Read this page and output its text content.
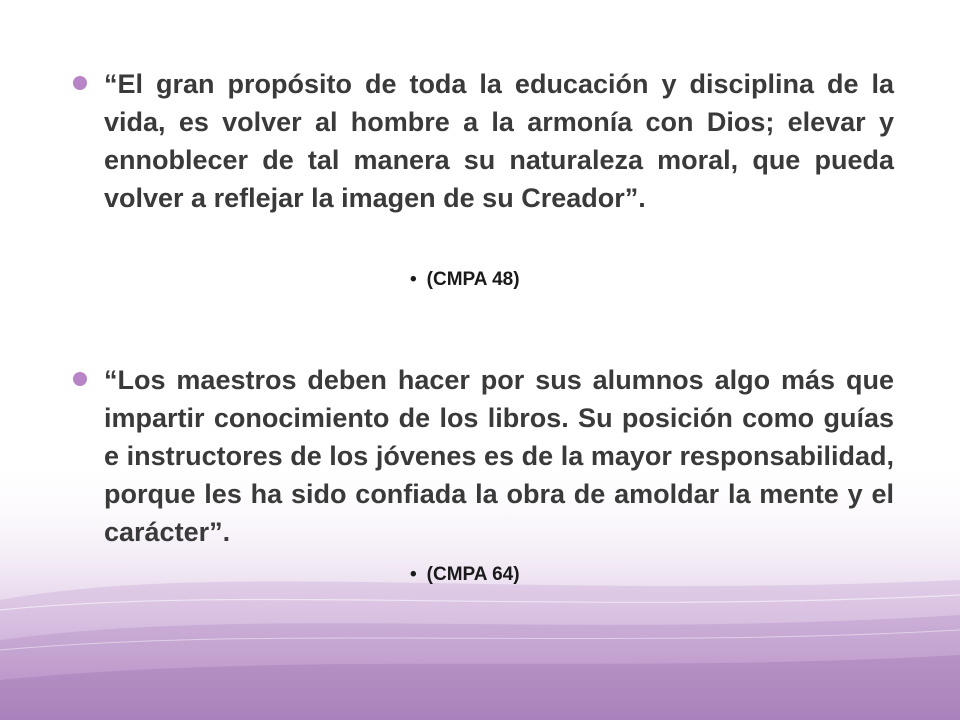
“El gran propósito de toda la educación y disciplina de la vida, es volver al hombre a la armonía con Dios; elevar y ennoblecer de tal manera su naturaleza moral, que pueda volver a reflejar la imagen de su Creador”.

• (CMPA 48)

“Los maestros deben hacer por sus alumnos algo más que impartir conocimiento de los libros. Su posición como guías e instructores de los jóvenes es de la mayor responsabilidad, porque les ha sido confiada la obra de amoldar la mente y el carácter”.

• (CMPA 64)
